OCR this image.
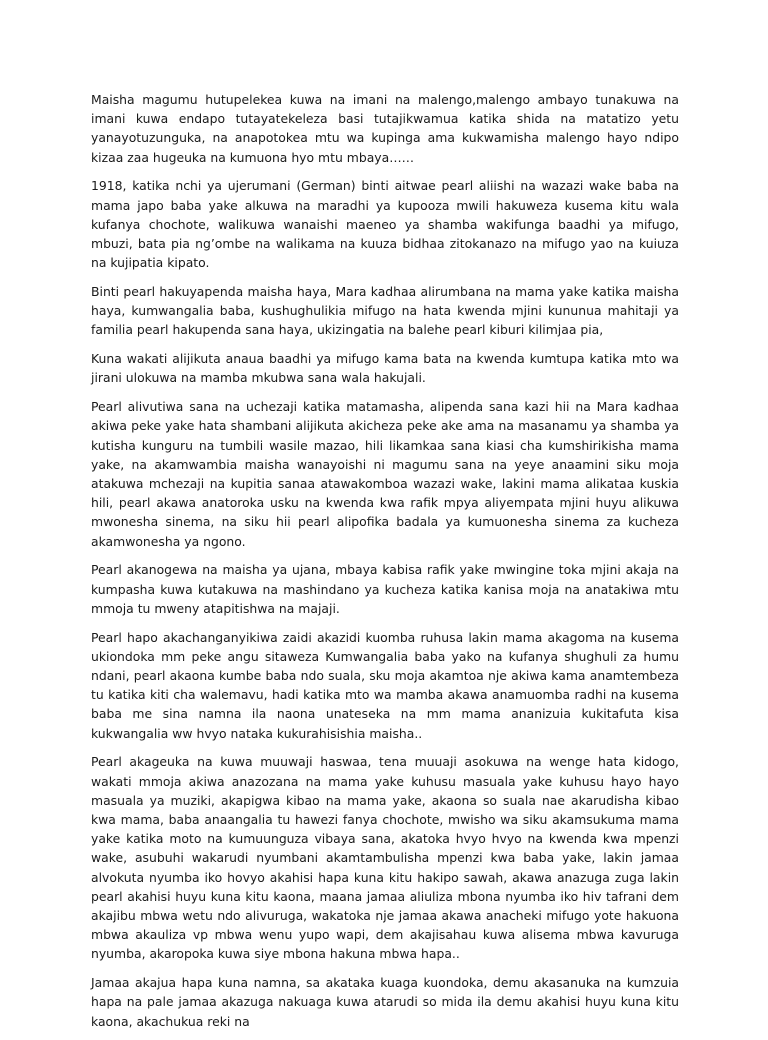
Maisha magumu hutupelekea kuwa na imani na malengo,malengo ambayo tunakuwa na imani kuwa endapo tutayatekeleza basi tutajikwamua katika shida na matatizo yetu yanayotuzunguka, na anapotokea mtu wa kupinga ama kukwamisha malengo hayo ndipo kizaa zaa hugeuka na kumuona hyo mtu mbaya……

1918, katika nchi ya ujerumani (German) binti aitwae pearl aliishi na wazazi wake baba na mama japo baba yake alkuwa na maradhi ya kupooza mwili hakuweza kusema kitu wala kufanya chochote, walikuwa wanaishi maeneo ya shamba wakifunga baadhi ya mifugo, mbuzi, bata pia ng’ombe na walikama na kuuza bidhaa zitokanazo na mifugo yao na kuiuza na kujipatia kipato.

Binti pearl hakuyapenda maisha haya, Mara kadhaa alirumbana na mama yake katika maisha haya, kumwangalia baba, kushughulikia mifugo na hata kwenda mjini kununua mahitaji ya familia pearl hakupenda sana haya, ukizingatia na balehe pearl kiburi kilimjaa pia,

Kuna wakati alijikuta anaua baadhi ya mifugo kama bata na kwenda kumtupa katika mto wa jirani ulokuwa na mamba mkubwa sana wala hakujali.

Pearl alivutiwa sana na uchezaji katika matamasha, alipenda sana kazi hii na Mara kadhaa akiwa peke yake hata shambani alijikuta akicheza peke ake ama na masanamu ya shamba ya kutisha kunguru na tumbili wasile mazao, hili likamkaa sana kiasi cha kumshirikisha mama yake, na akamwambia maisha wanayoishi ni magumu sana na yeye anaamini siku moja atakuwa mchezaji na kupitia sanaa atawakomboa wazazi wake, lakini mama alikataa kuskia hili, pearl akawa anatoroka usku na kwenda kwa rafik mpya aliyempata mjini huyu alikuwa mwonesha sinema, na siku hii pearl alipofika badala ya kumuonesha sinema za kucheza akamwonesha ya ngono.

Pearl akanogewa na maisha ya ujana, mbaya kabisa rafik yake mwingine toka mjini akaja na kumpasha kuwa kutakuwa na mashindano ya kucheza katika kanisa moja na anatakiwa mtu mmoja tu mweny atapitishwa na majaji.

Pearl hapo akachanganyikiwa zaidi akazidi kuomba ruhusa lakin mama akagoma na kusema ukiondoka mm peke angu sitaweza Kumwangalia baba yako na kufanya shughuli za humu ndani, pearl akaona kumbe baba ndo suala, sku moja akamtoa nje akiwa kama anamtembeza tu katika kiti cha walemavu, hadi katika mto wa mamba akawa anamuomba radhi na kusema baba me sina namna ila naona unateseka na mm mama ananizuia kukitafuta kisa kukwangalia ww hvyo nataka kukurahisishia maisha..

Pearl akageuka na kuwa muuwaji haswaa, tena muuaji asokuwa na wenge hata kidogo, wakati mmoja akiwa anazozana na mama yake kuhusu masuala yake kuhusu hayo hayo masuala ya muziki, akapigwa kibao na mama yake, akaona so suala nae akarudisha kibao kwa mama, baba anaangalia tu hawezi fanya chochote, mwisho wa siku akamsukuma mama yake katika moto na kumuunguza vibaya sana, akatoka hvyo hvyo na kwenda kwa mpenzi wake, asubuhi wakarudi nyumbani akamtambulisha mpenzi kwa baba yake, lakin jamaa alvokuta nyumba iko hovyo akahisi hapa kuna kitu hakipo sawah, akawa anazuga zuga lakin pearl akahisi huyu kuna kitu kaona, maana jamaa aliuliza mbona nyumba iko hiv tafrani dem akajibu mbwa wetu ndo alivuruga, wakatoka nje jamaa akawa anacheki mifugo yote hakuona mbwa akauliza vp mbwa wenu yupo wapi, dem akajisahau kuwa alisema mbwa kavuruga nyumba, akaropoka kuwa siye mbona hakuna mbwa hapa..

Jamaa akajua hapa kuna namna, sa akataka kuaga kuondoka, demu akasanuka na kumzuia hapa na pale jamaa akazuga nakuaga kuwa atarudi so mida ila demu akahisi huyu kuna kitu kaona, akachukua reki na
